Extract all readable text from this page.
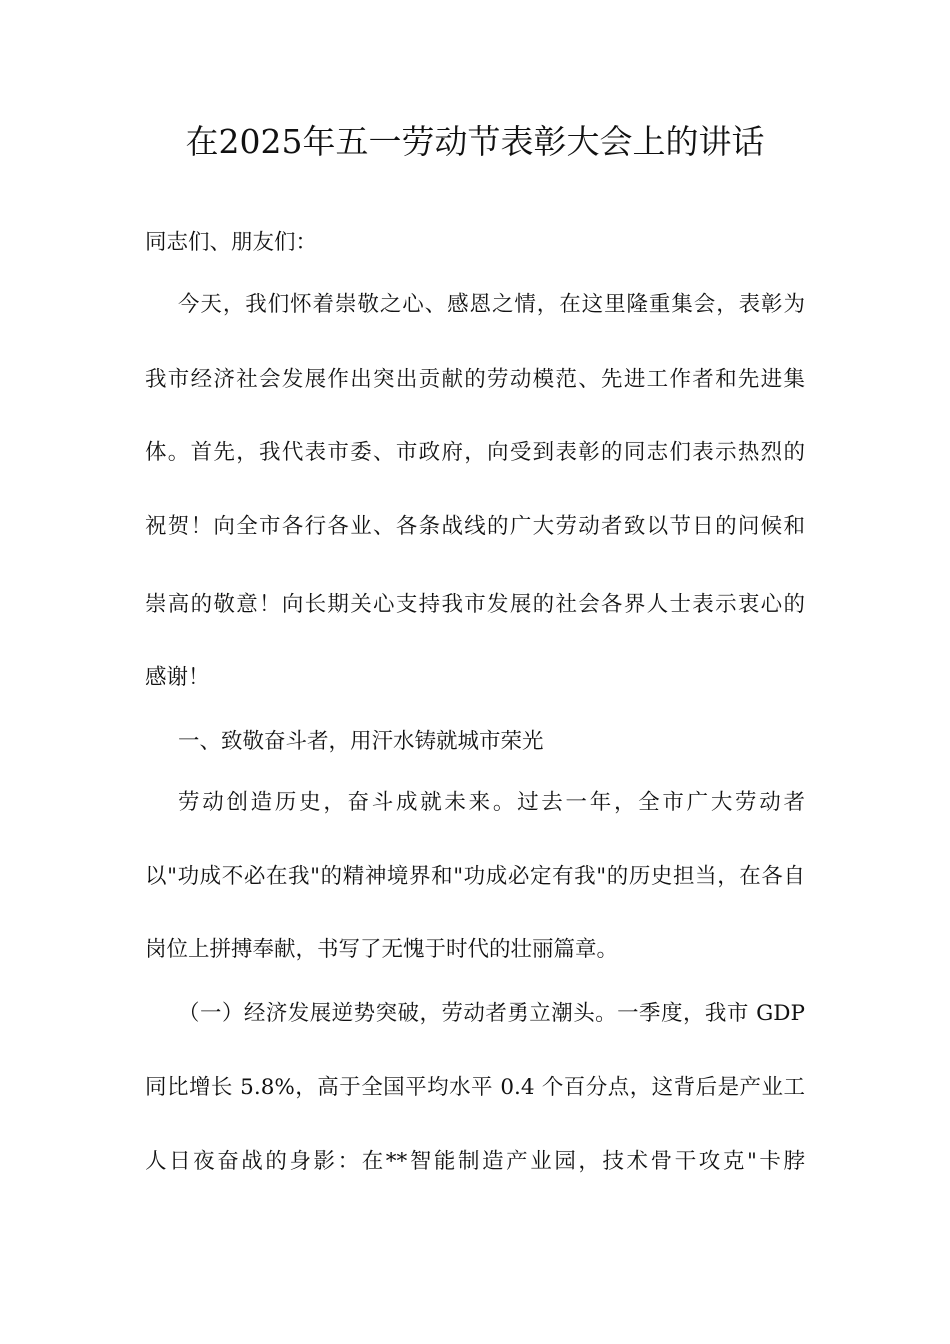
在2025年五一劳动节表彰大会上的讲话
同志们、朋友们：
今天，我们怀着崇敬之心、感恩之情，在这里隆重集会，表彰为
我市经济社会发展作出突出贡献的劳动模范、先进工作者和先进集
体。首先，我代表市委、市政府，向受到表彰的同志们表示热烈的
祝贺！向全市各行各业、各条战线的广大劳动者致以节日的问候和
崇高的敬意！向长期关心支持我市发展的社会各界人士表示衷心的
感谢！
一、致敬奋斗者，用汗水铸就城市荣光
劳动创造历史，奋斗成就未来。过去一年，全市广大劳动者
以"功成不必在我"的精神境界和"功成必定有我"的历史担当，在各自
岗位上拼搏奉献，书写了无愧于时代的壮丽篇章。
（一）经济发展逆势突破，劳动者勇立潮头。一季度，我市 GDP
同比增长 5.8%，高于全国平均水平 0.4 个百分点，这背后是产业工
人日夜奋战的身影：在**智能制造产业园，技术骨干攻克"卡脖
